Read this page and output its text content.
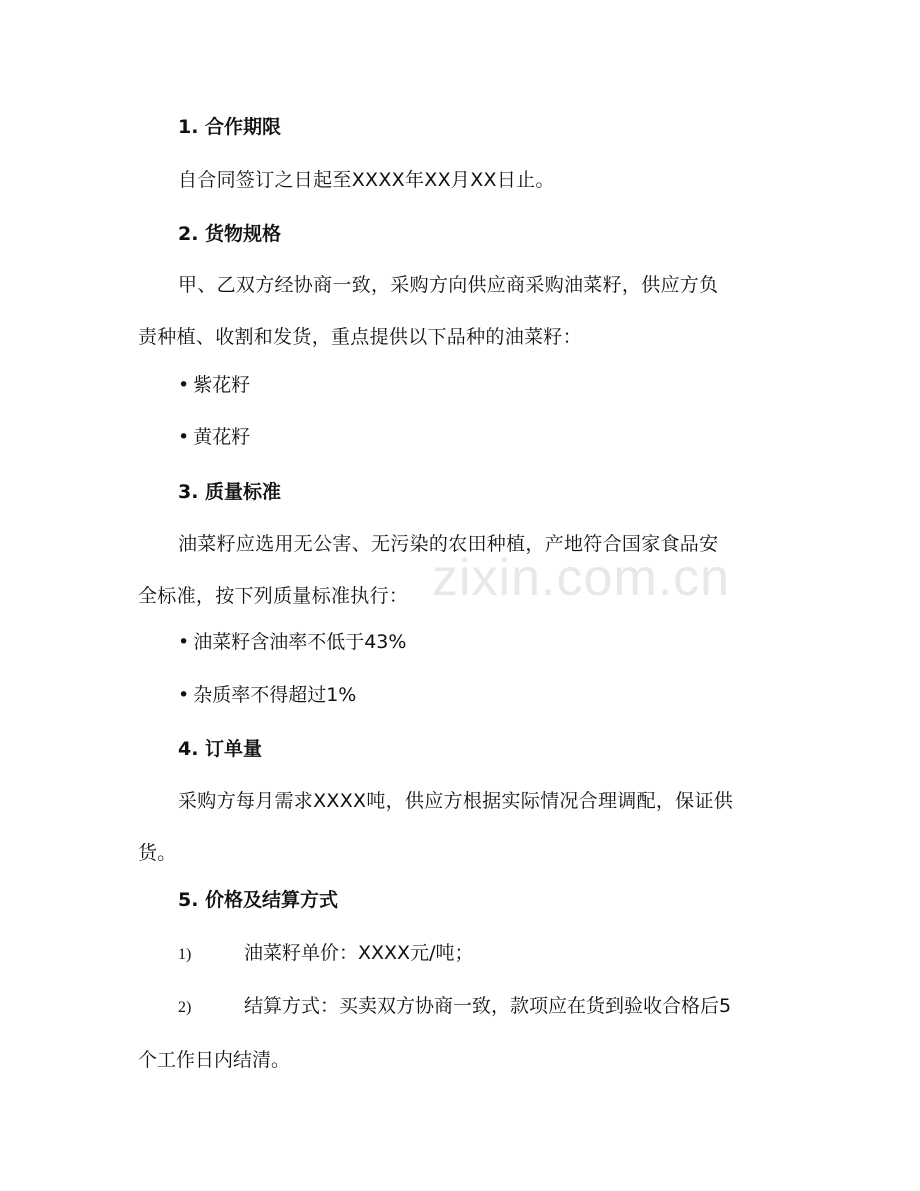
1. 合作期限
自合同签订之日起至XXXX年XX月XX日止。
2. 货物规格
甲、乙双方经协商一致，采购方向供应商采购油菜籽，供应方负
责种植、收割和发货，重点提供以下品种的油菜籽：
• 紫花籽
• 黄花籽
3. 质量标准
油菜籽应选用无公害、无污染的农田种植，产地符合国家食品安
全标准，按下列质量标准执行：
• 油菜籽含油率不低于43%
• 杂质率不得超过1%
4. 订单量
采购方每月需求XXXX吨，供应方根据实际情况合理调配，保证供
货。
5. 价格及结算方式
1)	油菜籽单价：XXXX元/吨；
2)	结算方式：买卖双方协商一致，款项应在货到验收合格后5
个工作日内结清。
zixin.com.cn
